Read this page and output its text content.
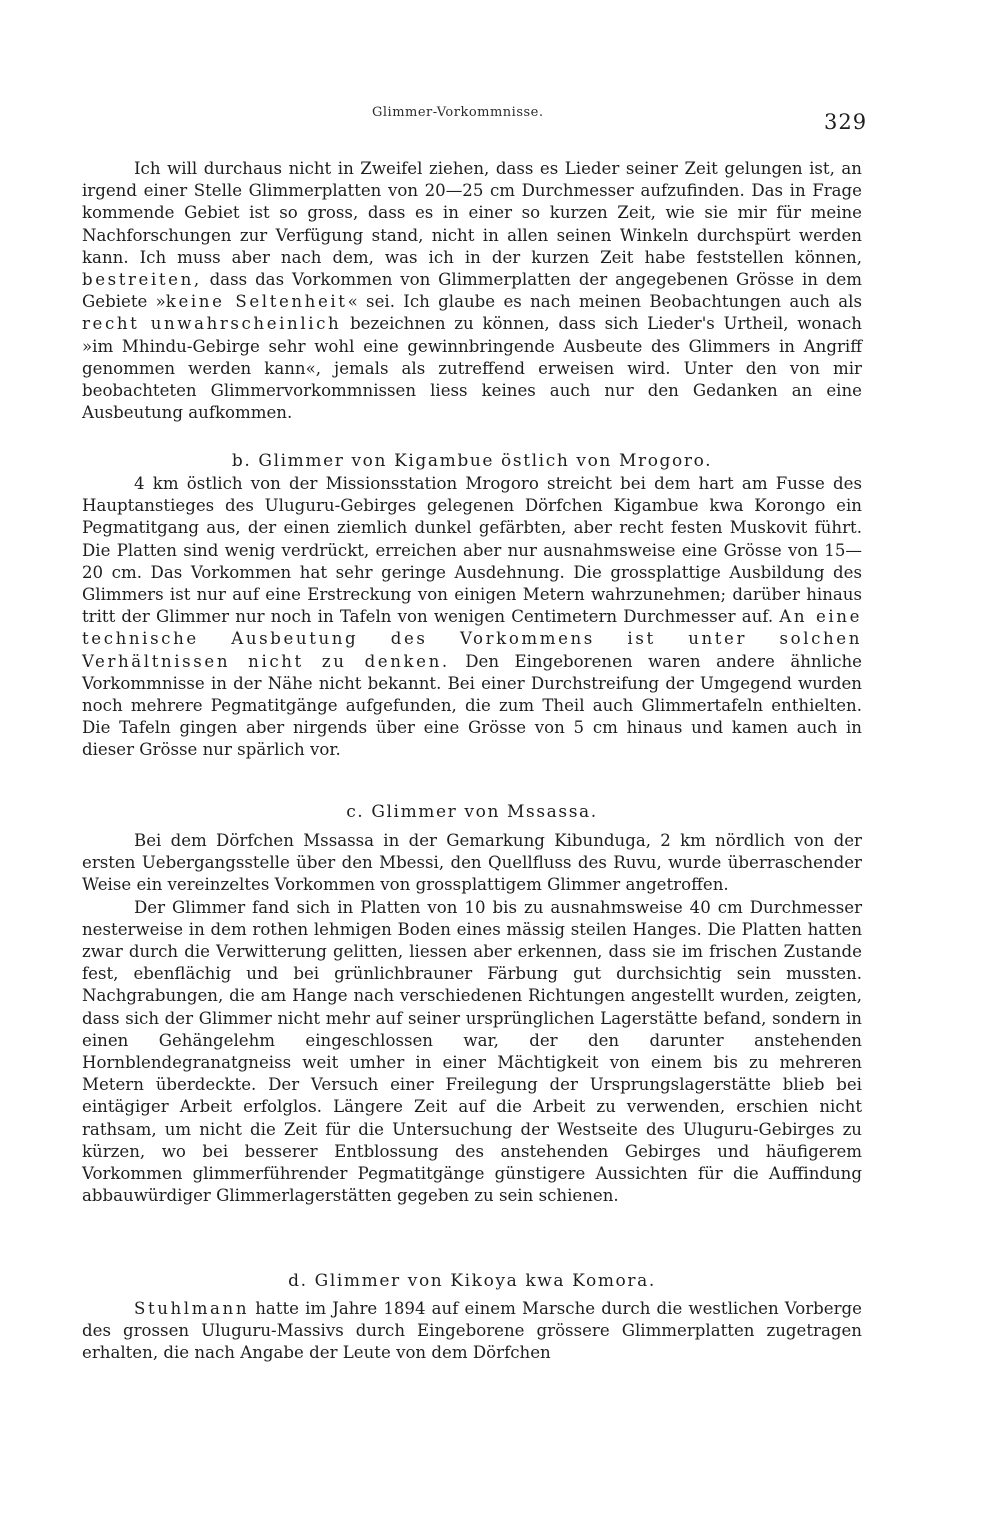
Glimmer-Vorkommnisse.	329

Ich will durchaus nicht in Zweifel ziehen, dass es Lieder seiner Zeit gelungen ist, an irgend einer Stelle Glimmerplatten von 20—25 cm Durchmesser aufzufinden. Das in Frage kommende Gebiet ist so gross, dass es in einer so kurzen Zeit, wie sie mir für meine Nachforschungen zur Verfügung stand, nicht in allen seinen Winkeln durchspürt werden kann. Ich muss aber nach dem, was ich in der kurzen Zeit habe feststellen können, bestreiten, dass das Vorkommen von Glimmerplatten der angegebenen Grösse in dem Gebiete »keine Seltenheit« sei. Ich glaube es nach meinen Beobachtungen auch als recht unwahrscheinlich bezeichnen zu können, dass sich Lieder's Urtheil, wonach »im Mhindu-Gebirge sehr wohl eine gewinnbringende Ausbeute des Glimmers in Angriff genommen werden kann«, jemals als zutreffend erweisen wird. Unter den von mir beobachteten Glimmervorkommnissen liess keines auch nur den Gedanken an eine Ausbeutung aufkommen.

b. Glimmer von Kigambue östlich von Mrogoro.

4 km östlich von der Missionsstation Mrogoro streicht bei dem hart am Fusse des Hauptanstieges des Uluguru-Gebirges gelegenen Dörfchen Kigambue kwa Korongo ein Pegmatitgang aus, der einen ziemlich dunkel gefärbten, aber recht festen Muskovit führt. Die Platten sind wenig verdrückt, erreichen aber nur ausnahmsweise eine Grösse von 15—20 cm. Das Vorkommen hat sehr geringe Ausdehnung. Die grossplattige Ausbildung des Glimmers ist nur auf eine Erstreckung von einigen Metern wahrzunehmen; darüber hinaus tritt der Glimmer nur noch in Tafeln von wenigen Centimetern Durchmesser auf. An eine technische Ausbeutung des Vorkommens ist unter solchen Verhältnissen nicht zu denken. Den Eingeborenen waren andere ähnliche Vorkommnisse in der Nähe nicht bekannt. Bei einer Durchstreifung der Umgegend wurden noch mehrere Pegmatitgänge aufgefunden, die zum Theil auch Glimmertafeln enthielten. Die Tafeln gingen aber nirgends über eine Grösse von 5 cm hinaus und kamen auch in dieser Grösse nur spärlich vor.

c. Glimmer von Mssassa.

Bei dem Dörfchen Mssassa in der Gemarkung Kibunduga, 2 km nördlich von der ersten Uebergangsstelle über den Mbessi, den Quellfluss des Ruvu, wurde überraschender Weise ein vereinzeltes Vorkommen von grossplattigem Glimmer angetroffen.

Der Glimmer fand sich in Platten von 10 bis zu ausnahmsweise 40 cm Durchmesser nesterweise in dem rothen lehmigen Boden eines mässig steilen Hanges. Die Platten hatten zwar durch die Verwitterung gelitten, liessen aber erkennen, dass sie im frischen Zustande fest, ebenflächig und bei grünlichbrauner Färbung gut durchsichtig sein mussten. Nachgrabungen, die am Hange nach verschiedenen Richtungen angestellt wurden, zeigten, dass sich der Glimmer nicht mehr auf seiner ursprünglichen Lagerstätte befand, sondern in einen Gehängelehm eingeschlossen war, der den darunter anstehenden Hornblendegranatgneiss weit umher in einer Mächtigkeit von einem bis zu mehreren Metern überdeckte. Der Versuch einer Freilegung der Ursprungslagerstätte blieb bei eintägiger Arbeit erfolglos. Längere Zeit auf die Arbeit zu verwenden, erschien nicht rathsam, um nicht die Zeit für die Untersuchung der Westseite des Uluguru-Gebirges zu kürzen, wo bei besserer Entblossung des anstehenden Gebirges und häufigerem Vorkommen glimmerführender Pegmatitgänge günstigere Aussichten für die Auffindung abbauwürdiger Glimmerlagerstätten gegeben zu sein schienen.

d. Glimmer von Kikoya kwa Komora.

Stuhlmann hatte im Jahre 1894 auf einem Marsche durch die westlichen Vorberge des grossen Uluguru-Massivs durch Eingeborene grössere Glimmerplatten zugetragen erhalten, die nach Angabe der Leute von dem Dörfchen
